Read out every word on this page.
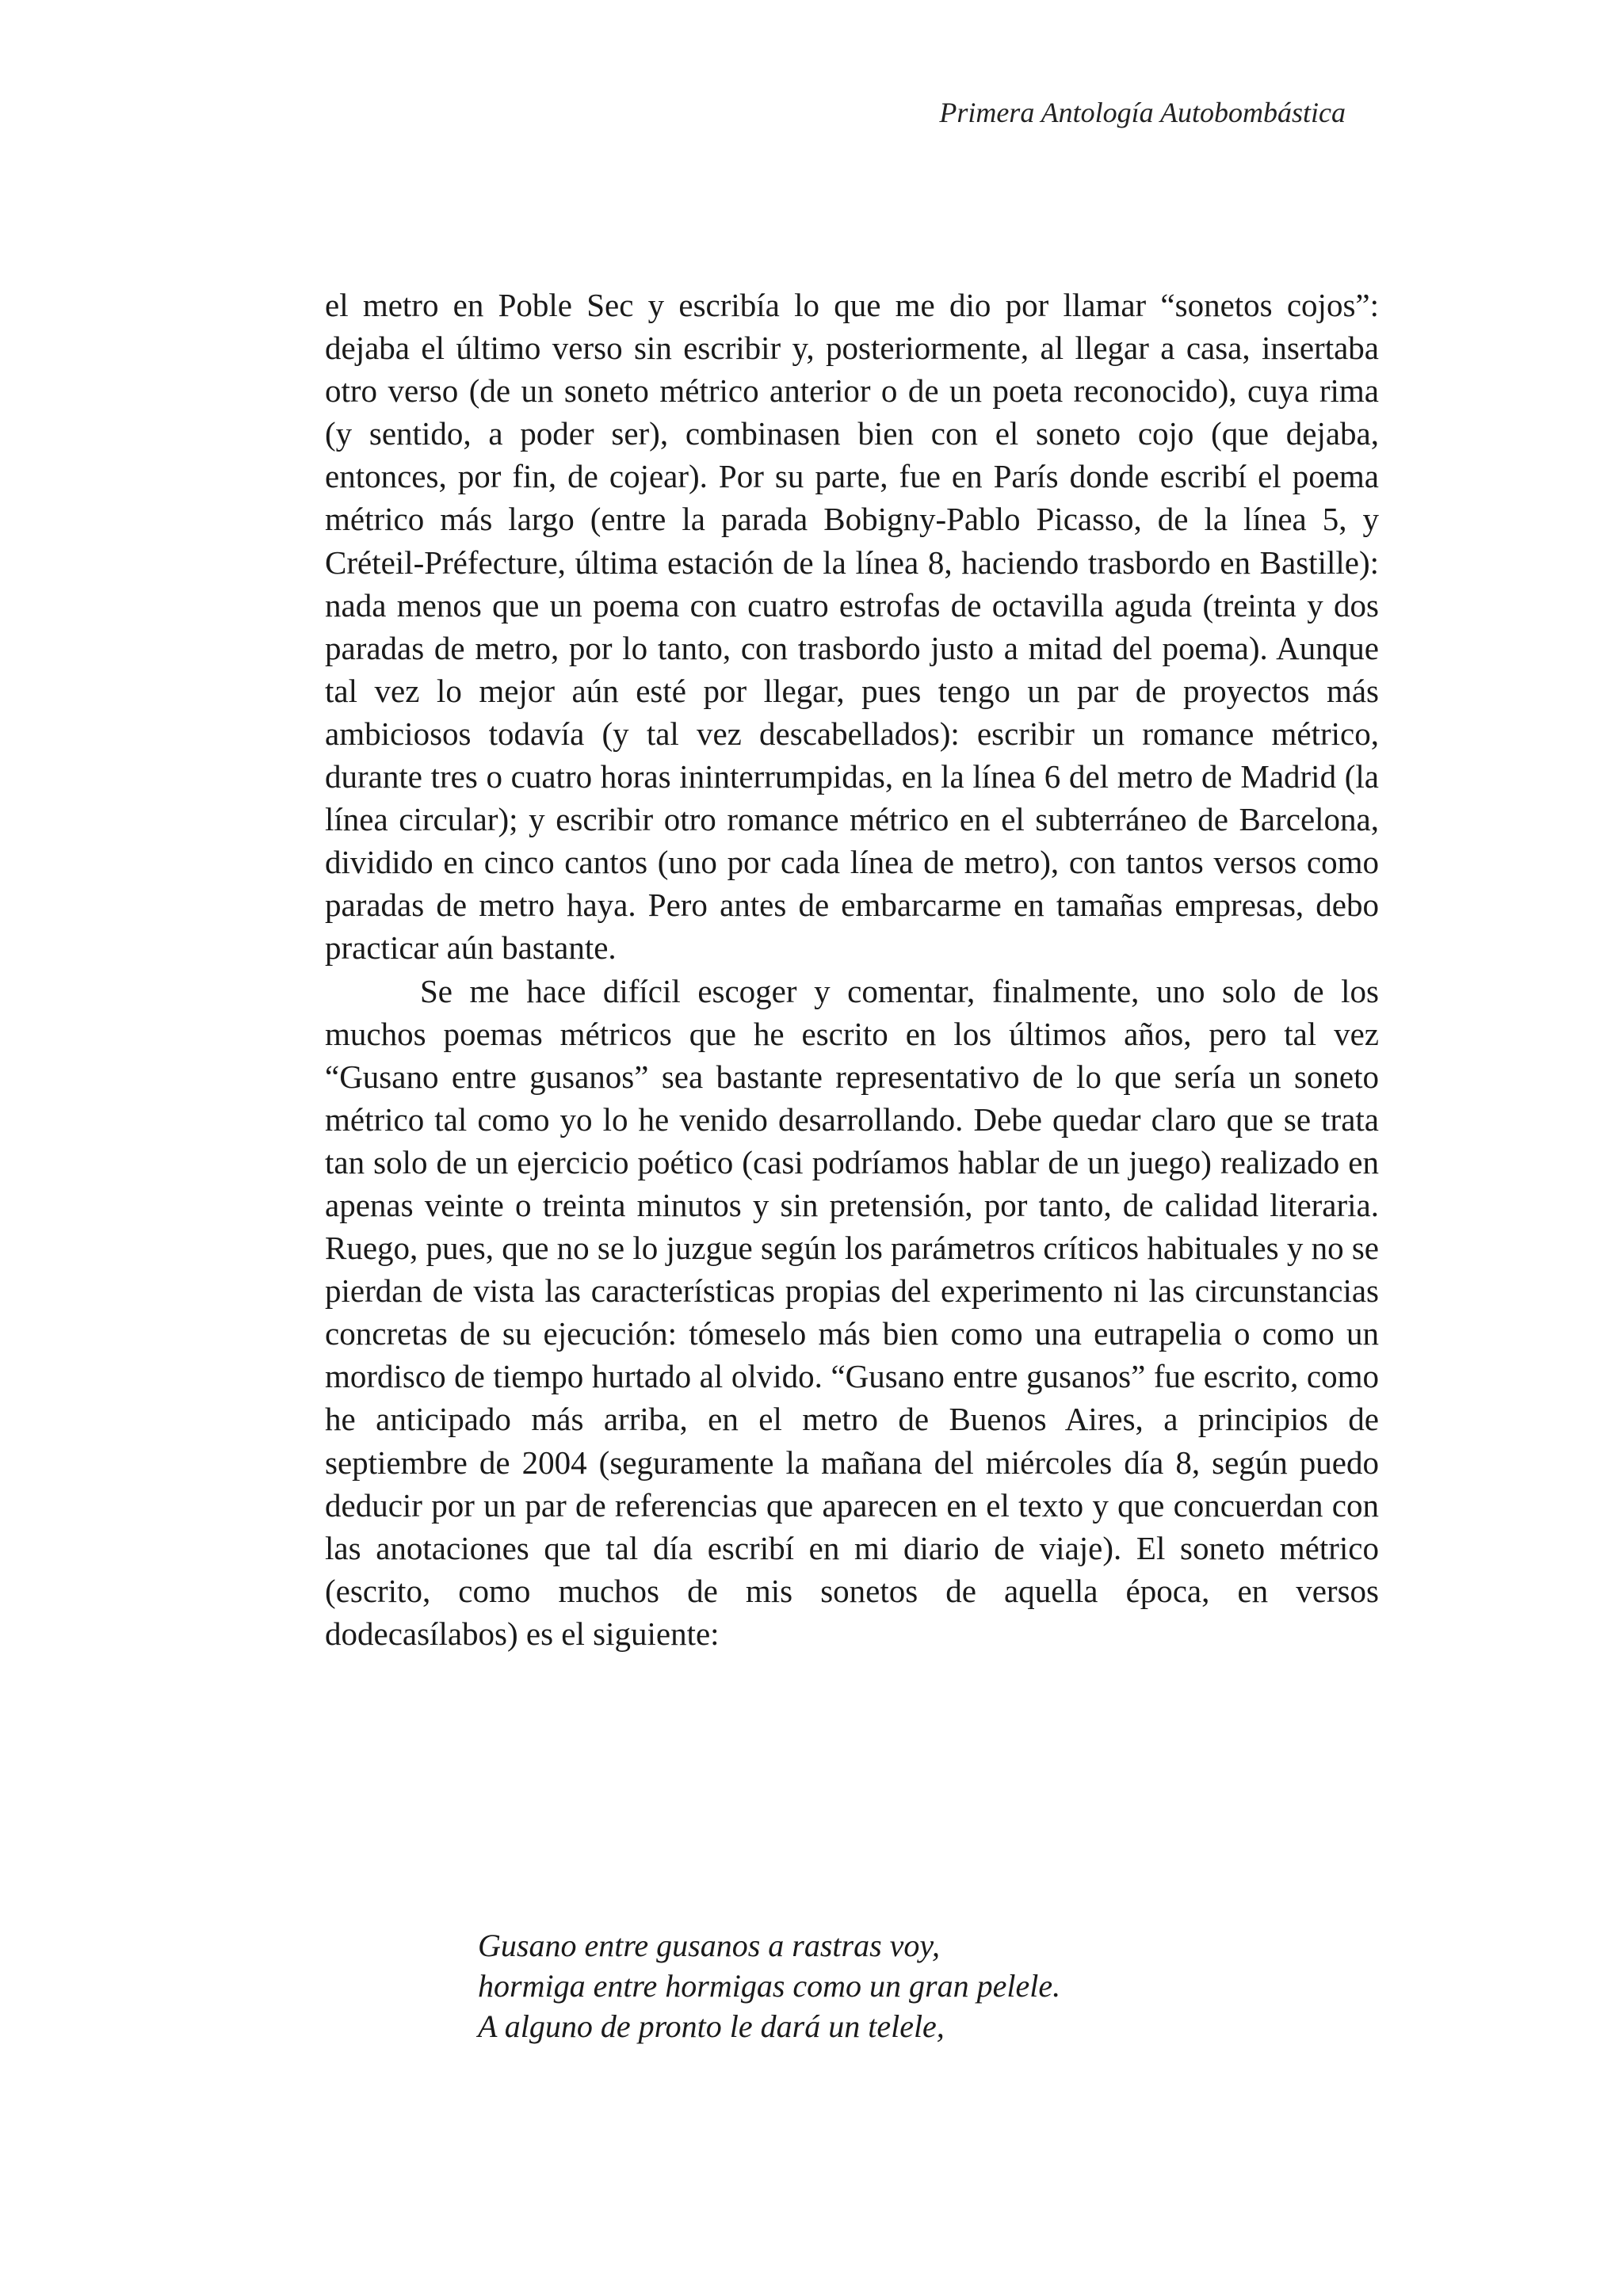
Primera Antología Autobombástica

el metro en Poble Sec y escribía lo que me dio por llamar “sonetos cojos”: dejaba el último verso sin escribir y, posteriormente, al llegar a casa, insertaba otro verso (de un soneto métrico anterior o de un poeta reconocido), cuya rima (y sentido, a poder ser), combinasen bien con el soneto cojo (que dejaba, entonces, por fin, de cojear). Por su parte, fue en París donde escribí el poema métrico más largo (entre la parada Bobigny-Pablo Picasso, de la línea 5, y Créteil-Préfecture, última estación de la línea 8, haciendo trasbordo en Bastille): nada menos que un poema con cuatro estrofas de octavilla aguda (treinta y dos paradas de metro, por lo tanto, con trasbordo justo a mitad del poema). Aunque tal vez lo mejor aún esté por llegar, pues tengo un par de proyectos más ambiciosos todavía (y tal vez descabellados): escribir un romance métrico, durante tres o cuatro horas ininterrumpidas, en la línea 6 del metro de Madrid (la línea circular); y escribir otro romance métrico en el subterráneo de Barcelona, dividido en cinco cantos (uno por cada línea de metro), con tantos versos como paradas de metro haya. Pero antes de embarcarme en tamañas empresas, debo practicar aún bastante.

Se me hace difícil escoger y comentar, finalmente, uno solo de los muchos poemas métricos que he escrito en los últimos años, pero tal vez “Gusano entre gusanos” sea bastante representativo de lo que sería un soneto métrico tal como yo lo he venido desarrollando. Debe quedar claro que se trata tan solo de un ejercicio poético (casi podríamos hablar de un juego) realizado en apenas veinte o treinta minutos y sin pretensión, por tanto, de calidad literaria. Ruego, pues, que no se lo juzgue según los parámetros críticos habituales y no se pierdan de vista las características propias del experimento ni las circunstancias concretas de su ejecución: tómeselo más bien como una eutrapelia o como un mordisco de tiempo hurtado al olvido. “Gusano entre gusanos” fue escrito, como he anticipado más arriba, en el metro de Buenos Aires, a principios de septiembre de 2004 (seguramente la mañana del miércoles día 8, según puedo deducir por un par de referencias que aparecen en el texto y que concuerdan con las anotaciones que tal día escribí en mi diario de viaje). El soneto métrico (escrito, como muchos de mis sonetos de aquella época, en versos dodecasílabos) es el siguiente:

Gusano entre gusanos a rastras voy,
hormiga entre hormigas como un gran pelele.
A alguno de pronto le dará un telele,
